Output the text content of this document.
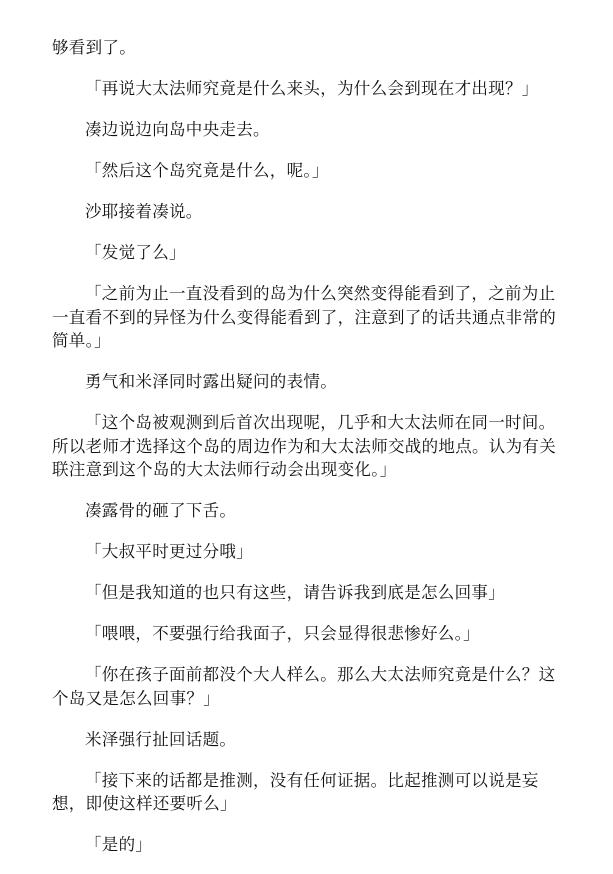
够看到了。

「再说大太法师究竟是什么来头，为什么会到现在才出现？」

凑边说边向岛中央走去。

「然后这个岛究竟是什么，呢。」

沙耶接着凑说。

「发觉了么」

「之前为止一直没看到的岛为什么突然变得能看到了，之前为止一直看不到的异怪为什么变得能看到了，注意到了的话共通点非常的简单。」

勇气和米泽同时露出疑问的表情。

「这个岛被观测到后首次出现呢，几乎和大太法师在同一时间。所以老师才选择这个岛的周边作为和大太法师交战的地点。认为有关联注意到这个岛的大太法师行动会出现变化。」

凑露骨的砸了下舌。

「大叔平时更过分哦」

「但是我知道的也只有这些，请告诉我到底是怎么回事」

「喂喂，不要强行给我面子，只会显得很悲惨好么。」

「你在孩子面前都没个大人样么。那么大太法师究竟是什么？这个岛又是怎么回事？」

米泽强行扯回话题。

「接下来的话都是推测，没有任何证据。比起推测可以说是妄想，即使这样还要听么」

「是的」
